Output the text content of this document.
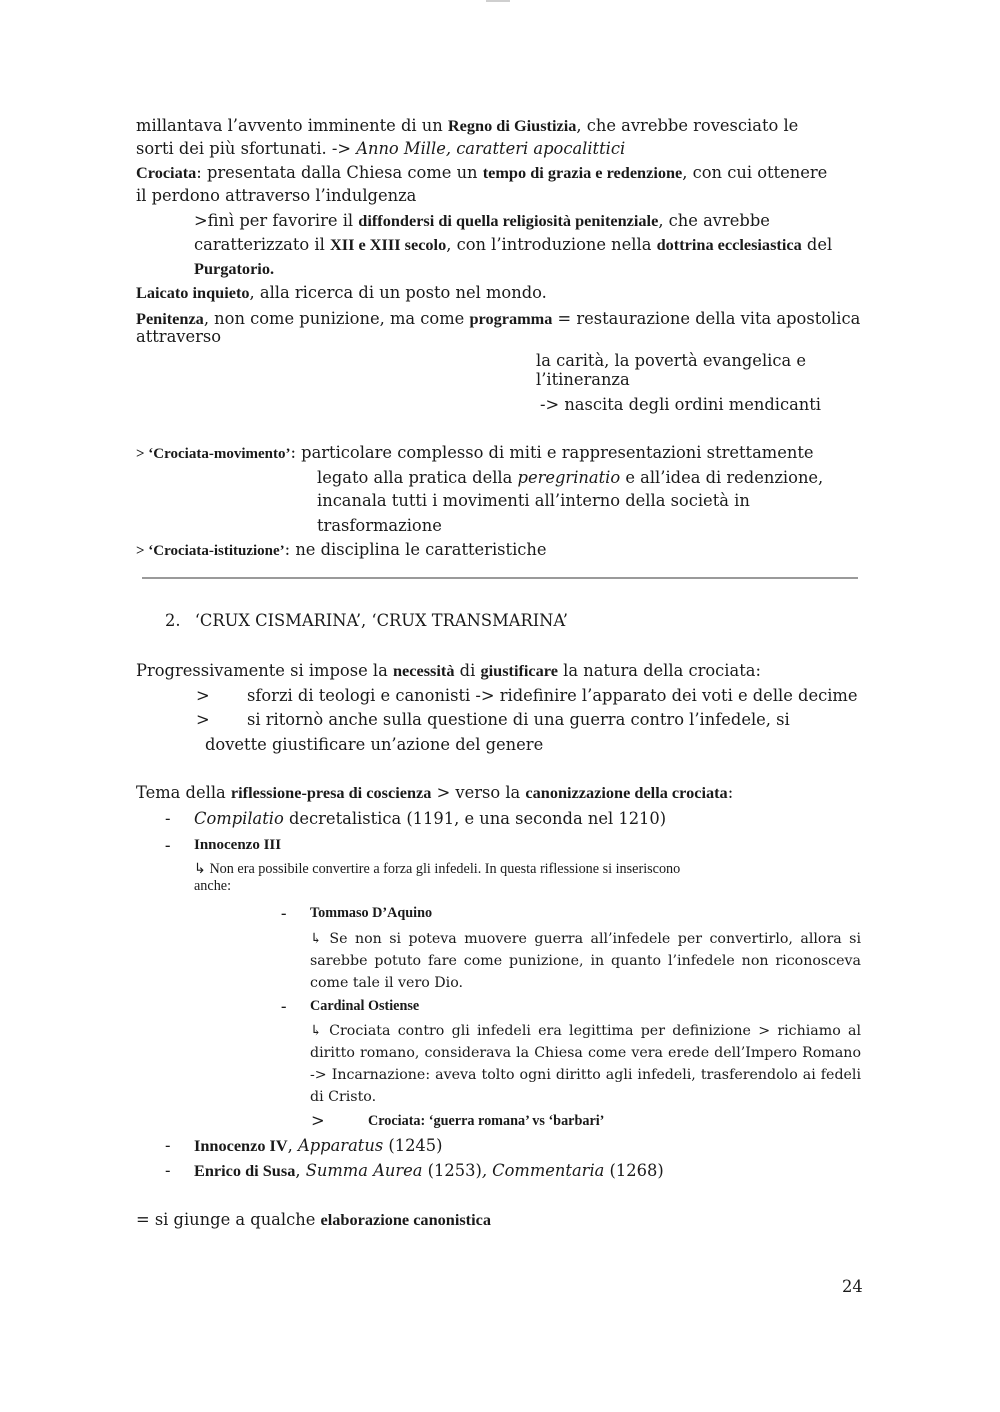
millantava l’avvento imminente di un Regno di Giustizia, che avrebbe rovesciato le
sorti dei più sfortunati. -> Anno Mille, caratteri apocalittici
Crociata: presentata dalla Chiesa come un tempo di grazia e redenzione, con cui ottenere
il perdono attraverso l’indulgenza
>finì per favorire il diffondersi di quella religiosità penitenziale, che avrebbe
caratterizzato il XII e XIII secolo, con l’introduzione nella dottrina ecclesiastica del
Purgatorio.
Laicato inquieto, alla ricerca di un posto nel mondo.
Penitenza, non come punizione, ma come programma = restaurazione della vita apostolica
attraverso
la carità, la povertà evangelica e
l’itineranza
-> nascita degli ordini mendicanti
> ‘Crociata-movimento’: particolare complesso di miti e rappresentazioni strettamente
legato alla pratica della peregrinatio e all’idea di redenzione,
incanala tutti i movimenti all’interno della società in
trasformazione
> ‘Crociata-istituzione’: ne disciplina le caratteristiche
2. ‘CRUX CISMARINA’, ‘CRUX TRANSMARINA’
Progressivamente si impose la necessità di giustificare la natura della crociata:
> sforzi di teologi e canonisti -> ridefinire l’apparato dei voti e delle decime
> si ritornò anche sulla questione di una guerra contro l’infedele, si
dovette giustificare un’azione del genere
Tema della riflessione-presa di coscienza > verso la canonizzazione della crociata:
- Compilatio decretalistica (1191, e una seconda nel 1210)
- Innocenzo III
↳ Non era possibile convertire a forza gli infedeli. In questa riflessione si inseriscono
anche:
- Tommaso D’Aquino
↳ Se non si poteva muovere guerra all’infedele per convertirlo, allora si sarebbe potuto fare come punizione, in quanto l’infedele non riconosceva come tale il vero Dio.
- Cardinal Ostiense
↳ Crociata contro gli infedeli era legittima per definizione > richiamo al diritto romano, considerava la Chiesa come vera erede dell’Impero Romano -> Incarnazione: aveva tolto ogni diritto agli infedeli, trasferendolo ai fedeli di Cristo.
>	Crociata: ‘guerra romana’ vs ‘barbari’
- Innocenzo IV, Apparatus (1245)
- Enrico di Susa, Summa Aurea (1253), Commentaria (1268)
= si giunge a qualche elaborazione canonistica
24
